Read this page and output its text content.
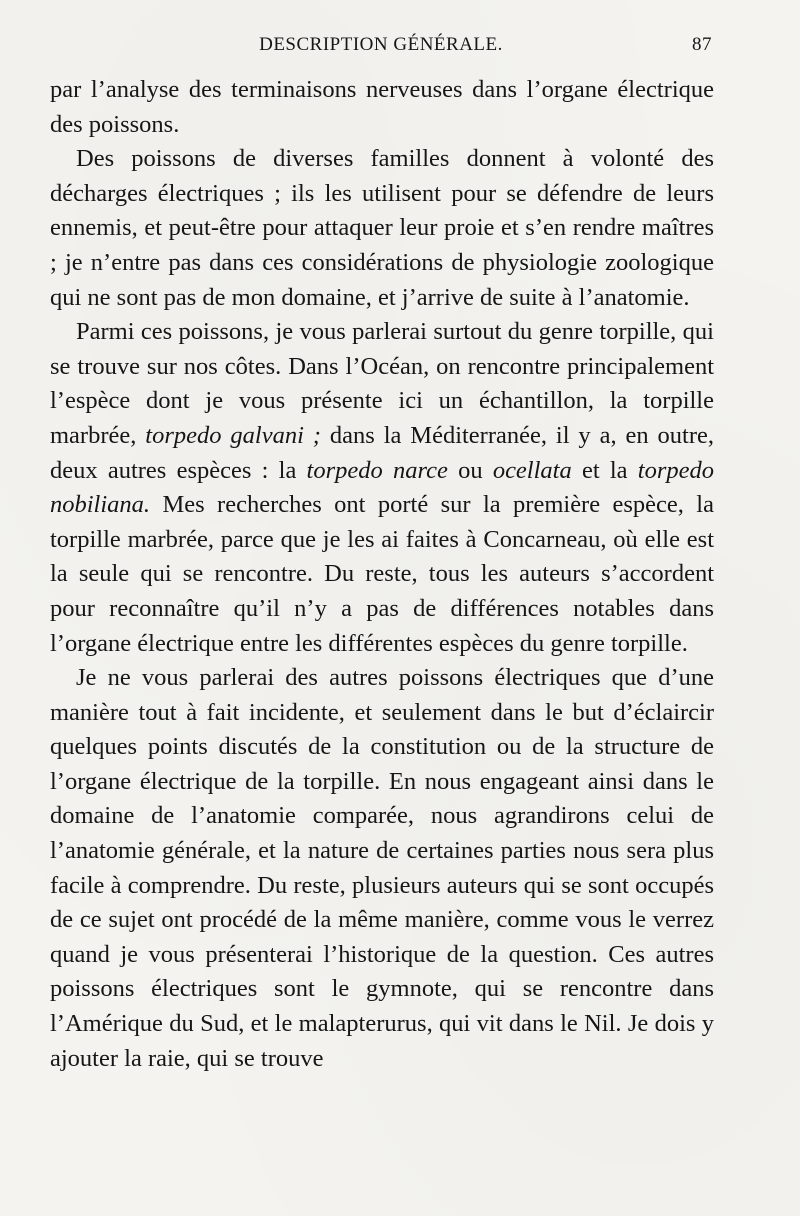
DESCRIPTION GÉNÉRALE.	87

par l’analyse des terminaisons nerveuses dans l’organe électrique des poissons.

Des poissons de diverses familles donnent à volonté des décharges électriques ; ils les utilisent pour se défendre de leurs ennemis, et peut-être pour attaquer leur proie et s’en rendre maîtres ; je n’entre pas dans ces considérations de physiologie zoologique qui ne sont pas de mon domaine, et j’arrive de suite à l’anatomie.

Parmi ces poissons, je vous parlerai surtout du genre torpille, qui se trouve sur nos côtes. Dans l’Océan, on rencontre principalement l’espèce dont je vous présente ici un échantillon, la torpille marbrée, torpedo galvani ; dans la Méditerranée, il y a, en outre, deux autres espèces : la torpedo narce ou ocellata et la torpedo nobiliana. Mes recherches ont porté sur la première espèce, la torpille marbrée, parce que je les ai faites à Concarneau, où elle est la seule qui se rencontre. Du reste, tous les auteurs s’accordent pour reconnaître qu’il n’y a pas de différences notables dans l’organe électrique entre les différentes espèces du genre torpille.

Je ne vous parlerai des autres poissons électriques que d’une manière tout à fait incidente, et seulement dans le but d’éclaircir quelques points discutés de la constitution ou de la structure de l’organe électrique de la torpille. En nous engageant ainsi dans le domaine de l’anatomie comparée, nous agrandirons celui de l’anatomie générale, et la nature de certaines parties nous sera plus facile à comprendre. Du reste, plusieurs auteurs qui se sont occupés de ce sujet ont procédé de la même manière, comme vous le verrez quand je vous présenterai l’historique de la question. Ces autres poissons électriques sont le gymnote, qui se rencontre dans l’Amérique du Sud, et le malapterurus, qui vit dans le Nil. Je dois y ajouter la raie, qui se trouve
